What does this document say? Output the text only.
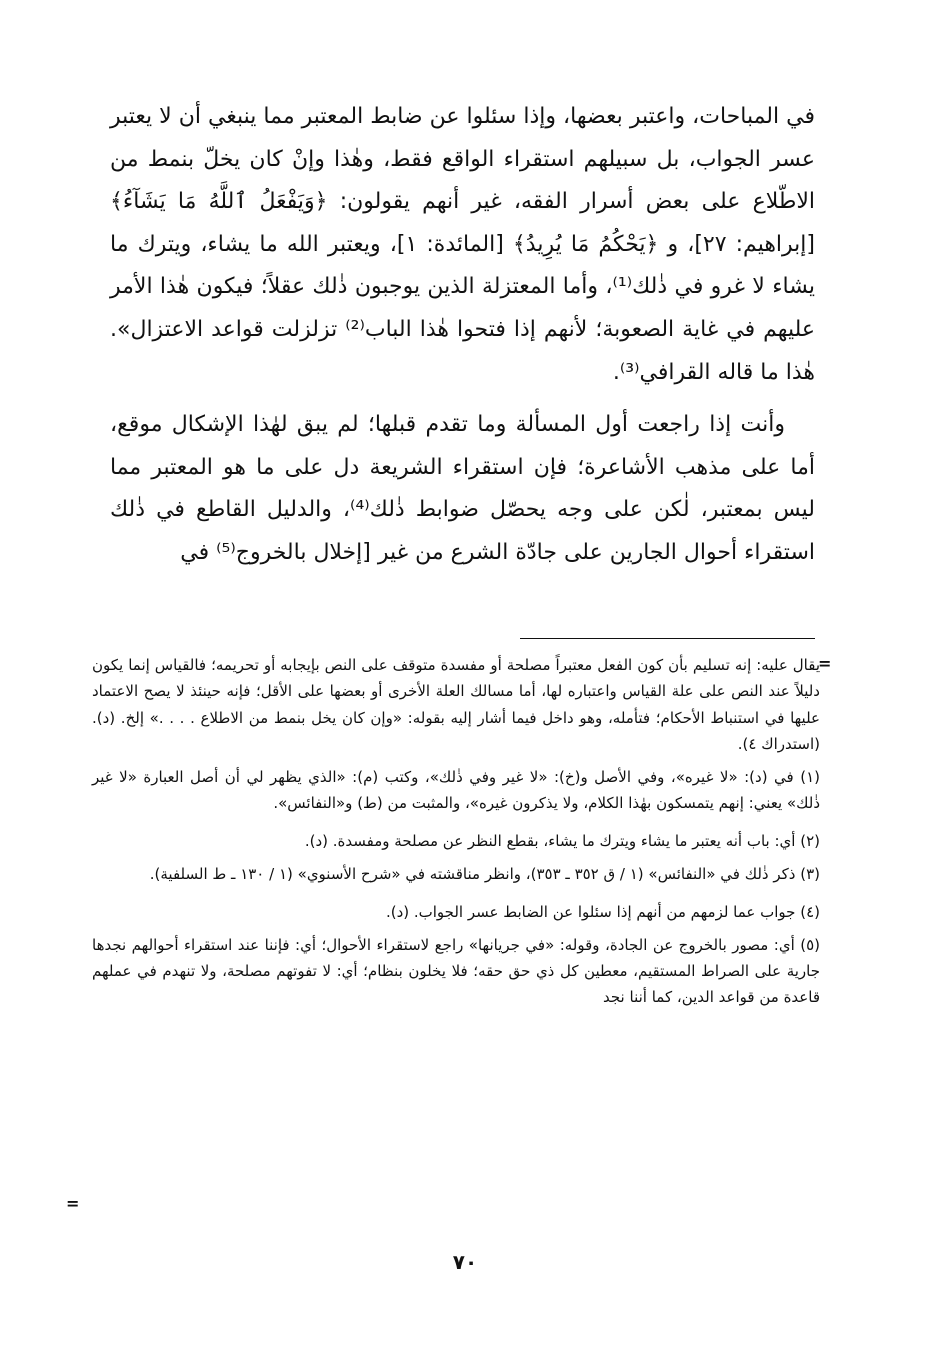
في المباحات، واعتبر بعضها، وإذا سئلوا عن ضابط المعتبر مما ينبغي أن لا يعتبر عسر الجواب، بل سبيلهم استقراء الواقع فقط، وهٰذا وإنْ كان يخلّ بنمط من الاطّلاع على بعض أسرار الفقه، غير أنهم يقولون: ﴿وَيَفْعَلُ ٱللَّهُ مَا يَشَآءُ﴾ [إبراهيم: ٢٧]، و ﴿يَحْكُمُ مَا يُرِيدُ﴾ [المائدة: ١]، ويعتبر الله ما يشاء، ويترك ما يشاء لا غرو في ذٰلك⁽¹⁾، وأما المعتزلة الذين يوجبون ذٰلك عقلاً؛ فيكون هٰذا الأمر عليهم في غاية الصعوبة؛ لأنهم إذا فتحوا هٰذا الباب⁽²⁾ تزلزلت قواعد الاعتزال». هٰذا ما قاله القرافي⁽³⁾.

وأنت إذا راجعت أول المسألة وما تقدم قبلها؛ لم يبق لهٰذا الإشكال موقع، أما على مذهب الأشاعرة؛ فإن استقراء الشريعة دل على ما هو المعتبر مما ليس بمعتبر، لٰكن على وجه يحصّل ضوابط ذٰلك⁽⁴⁾، والدليل القاطع في ذٰلك استقراء أحوال الجارين على جادّة الشرع من غير [إخلال بالخروج⁽⁵⁾ في

=

يقال عليه: إنه تسليم بأن كون الفعل معتبراً مصلحة أو مفسدة متوقف على النص بإيجابه أو تحريمه؛ فالقياس إنما يكون دليلاً عند النص على علة القياس واعتباره لها، أما مسالك العلة الأخرى أو بعضها على الأقل؛ فإنه حينئذ لا يصح الاعتماد عليها في استنباط الأحكام؛ فتأمله، وهو داخل فيما أشار إليه بقوله: «وإن كان يخل بنمط من الاطلاع . . . .» إلخ. (د). (استدراك ٤).

(١) في (د): «لا غيره»، وفي الأصل و(خ): «لا غير وفي ذٰلك»، وكتب (م): «الذي يظهر لي أن أصل العبارة «لا غير ذٰلك» يعني: إنهم يتمسكون بهٰذا الكلام، ولا يذكرون غيره»، والمثبت من (ط) و«النفائس».

(٢) أي: باب أنه يعتبر ما يشاء ويترك ما يشاء، بقطع النظر عن مصلحة ومفسدة. (د).

(٣) ذكر ذٰلك في «النفائس» (١ / ق ٣٥٢ ـ ٣٥٣)، وانظر مناقشته في «شرح الأسنوي» (١ / ١٣٠ ـ ط السلفية).

(٤) جواب عما لزمهم من أنهم إذا سئلوا عن الضابط عسر الجواب. (د).

(٥) أي: مصور بالخروج عن الجادة، وقوله: «في جريانها» راجع لاستقراء الأحوال؛ أي: فإننا عند استقراء أحوالهم نجدها جارية على الصراط المستقيم، معطين كل ذي حق حقه؛ فلا يخلون بنظام؛ أي: لا تفوتهم مصلحة، ولا تنهدم في عملهم قاعدة من قواعد الدين، كما أننا نجد

=
٧٠
